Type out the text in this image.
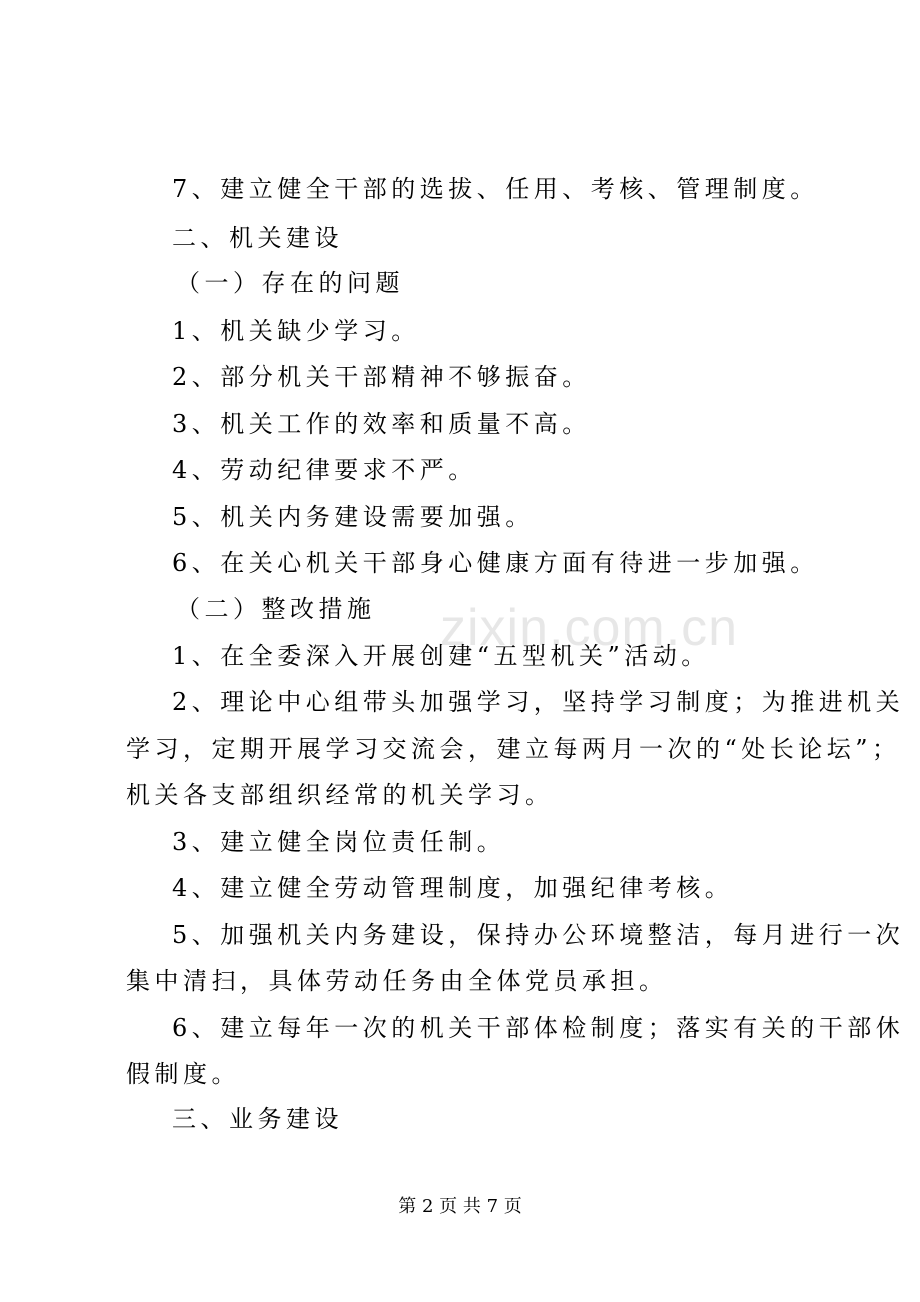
7、建立健全干部的选拔、任用、考核、管理制度。
二、机关建设
（一）存在的问题
1、机关缺少学习。
2、部分机关干部精神不够振奋。
3、机关工作的效率和质量不高。
4、劳动纪律要求不严。
5、机关内务建设需要加强。
6、在关心机关干部身心健康方面有待进一步加强。
（二）整改措施
1、在全委深入开展创建“五型机关”活动。
2、理论中心组带头加强学习，坚持学习制度；为推进机关
学习，定期开展学习交流会，建立每两月一次的“处长论坛”；
机关各支部组织经常的机关学习。
3、建立健全岗位责任制。
4、建立健全劳动管理制度，加强纪律考核。
5、加强机关内务建设，保持办公环境整洁，每月进行一次
集中清扫，具体劳动任务由全体党员承担。
6、建立每年一次的机关干部体检制度；落实有关的干部休
假制度。
三、业务建设
zixin.com.cn
第 2 页 共 7 页
